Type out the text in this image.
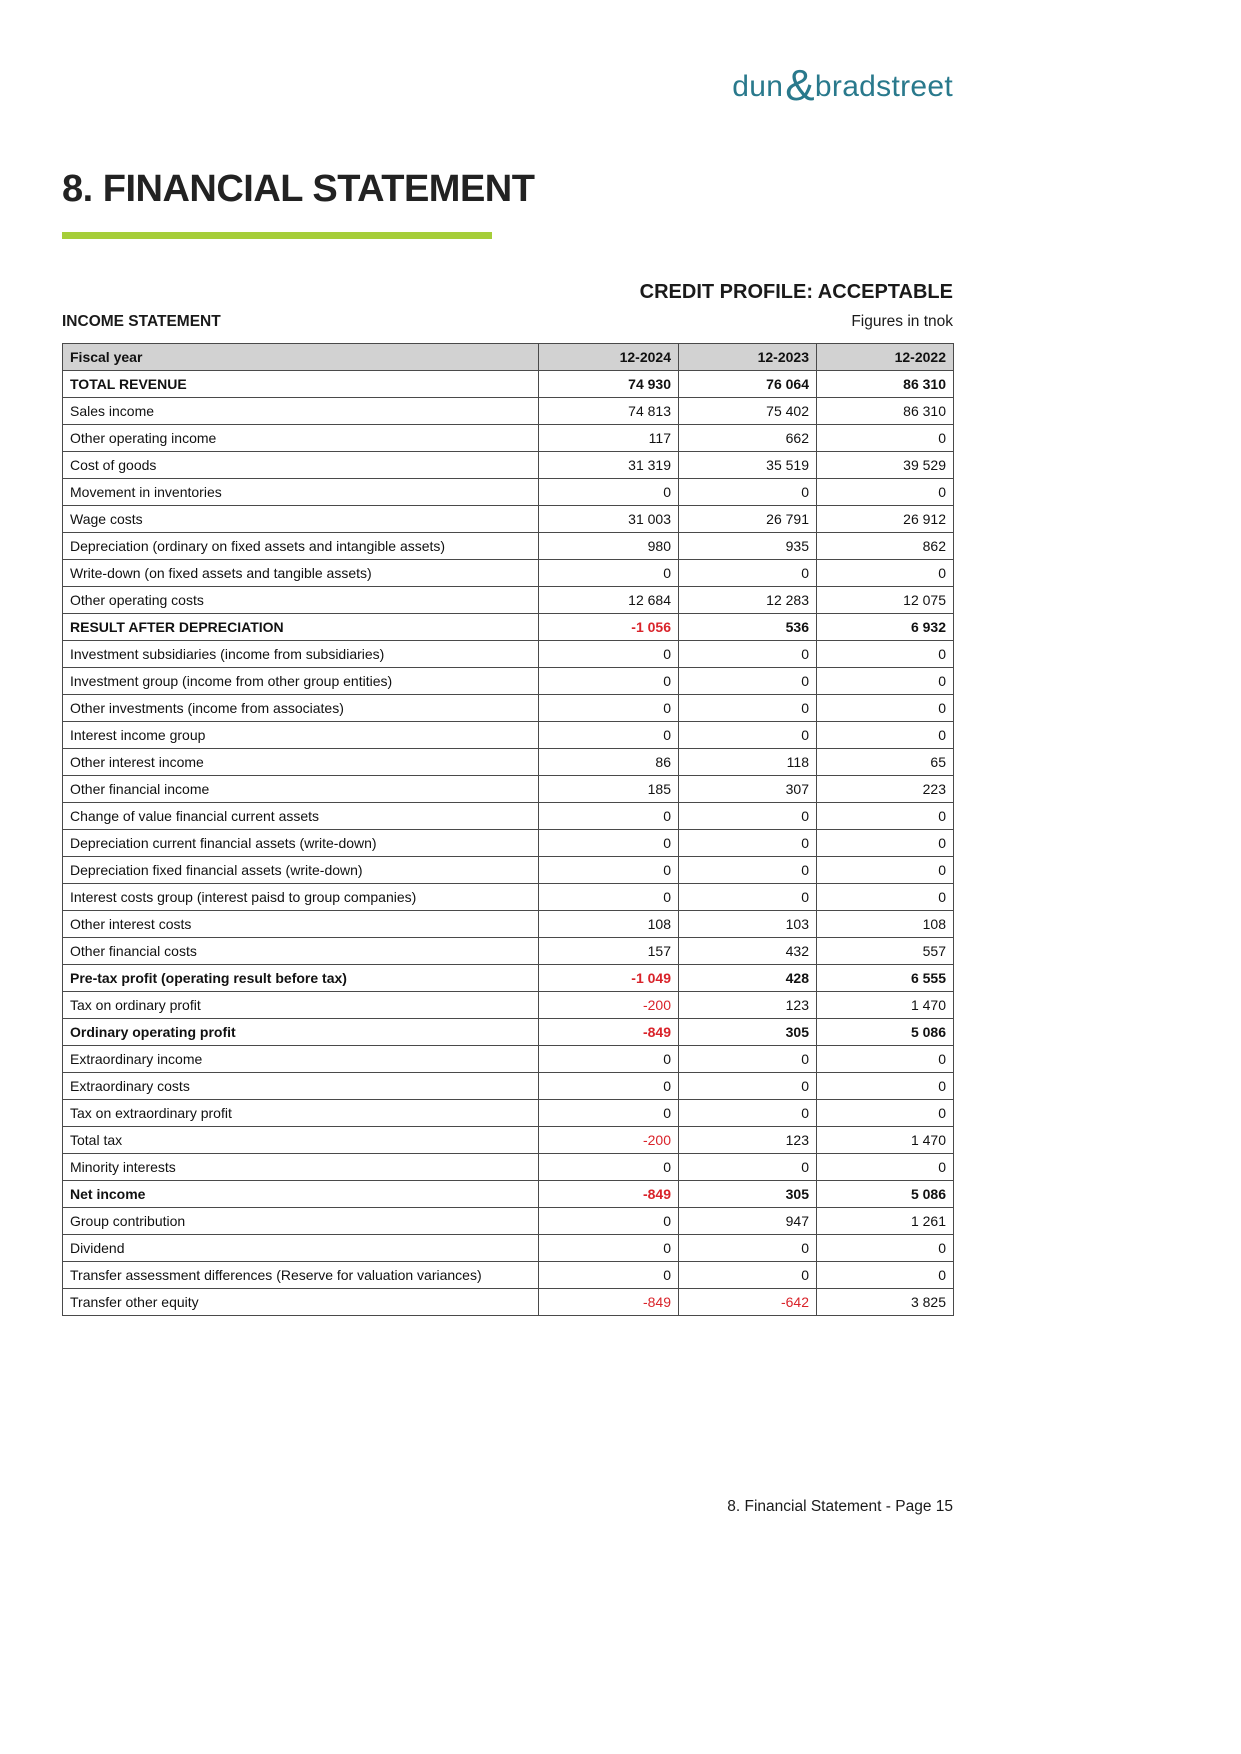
dun&bradstreet
8. FINANCIAL STATEMENT
CREDIT PROFILE: ACCEPTABLE
INCOME STATEMENT	Figures in tnok
Fiscal year	12-2024	12-2023	12-2022
TOTAL REVENUE	74 930	76 064	86 310
Sales income	74 813	75 402	86 310
Other operating income	117	662	0
Cost of goods	31 319	35 519	39 529
Movement in inventories	0	0	0
Wage costs	31 003	26 791	26 912
Depreciation (ordinary on fixed assets and intangible assets)	980	935	862
Write-down (on fixed assets and tangible assets)	0	0	0
Other operating costs	12 684	12 283	12 075
RESULT AFTER DEPRECIATION	-1 056	536	6 932
Investment subsidiaries (income from subsidiaries)	0	0	0
Investment group (income from other group entities)	0	0	0
Other investments (income from associates)	0	0	0
Interest income group	0	0	0
Other interest income	86	118	65
Other financial income	185	307	223
Change of value financial current assets	0	0	0
Depreciation current financial assets (write-down)	0	0	0
Depreciation fixed financial assets (write-down)	0	0	0
Interest costs group (interest paisd to group companies)	0	0	0
Other interest costs	108	103	108
Other financial costs	157	432	557
Pre-tax profit (operating result before tax)	-1 049	428	6 555
Tax on ordinary profit	-200	123	1 470
Ordinary operating profit	-849	305	5 086
Extraordinary income	0	0	0
Extraordinary costs	0	0	0
Tax on extraordinary profit	0	0	0
Total tax	-200	123	1 470
Minority interests	0	0	0
Net income	-849	305	5 086
Group contribution	0	947	1 261
Dividend	0	0	0
Transfer assessment differences (Reserve for valuation variances)	0	0	0
Transfer other equity	-849	-642	3 825
8. Financial Statement - Page 15
